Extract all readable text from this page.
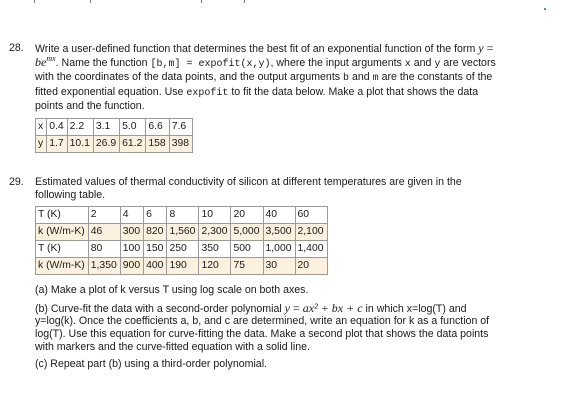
28. Write a user-defined function that determines the best fit of an exponential function of the form $y = be^{mx}$. Name the function [b,m] = expofit(x,y), where the input arguments x and y are vectors with the coordinates of the data points, and the output arguments b and m are the constants of the fitted exponential equation. Use expofit to fit the data below. Make a plot that shows the data points and the function.

x	0.4	2.2	3.1	5.0	6.6	7.6
y	1.7	10.1	26.9	61.2	158	398
29. Estimated values of thermal conductivity of silicon at different temperatures are given in the following table.

T (K)	2	4	6	8	10	20	40	60
k (W/m-K)	46	300	820	1,560	2,300	5,000	3,500	2,100
T (K)	80	100	150	250	350	500	1,000	1,400
k (W/m-K)	1,350	900	400	190	120	75	30	20

(a) Make a plot of k versus T using log scale on both axes.

(b) Curve-fit the data with a second-order polynomial y = ax² + bx + c in which x=log(T) and y=log(k). Once the coefficients a, b, and c are determined, write an equation for k as a function of log(T). Use this equation for curve-fitting the data. Make a second plot that shows the data points with markers and the curve-fitted equation with a solid line.

(c) Repeat part (b) using a third-order polynomial.
